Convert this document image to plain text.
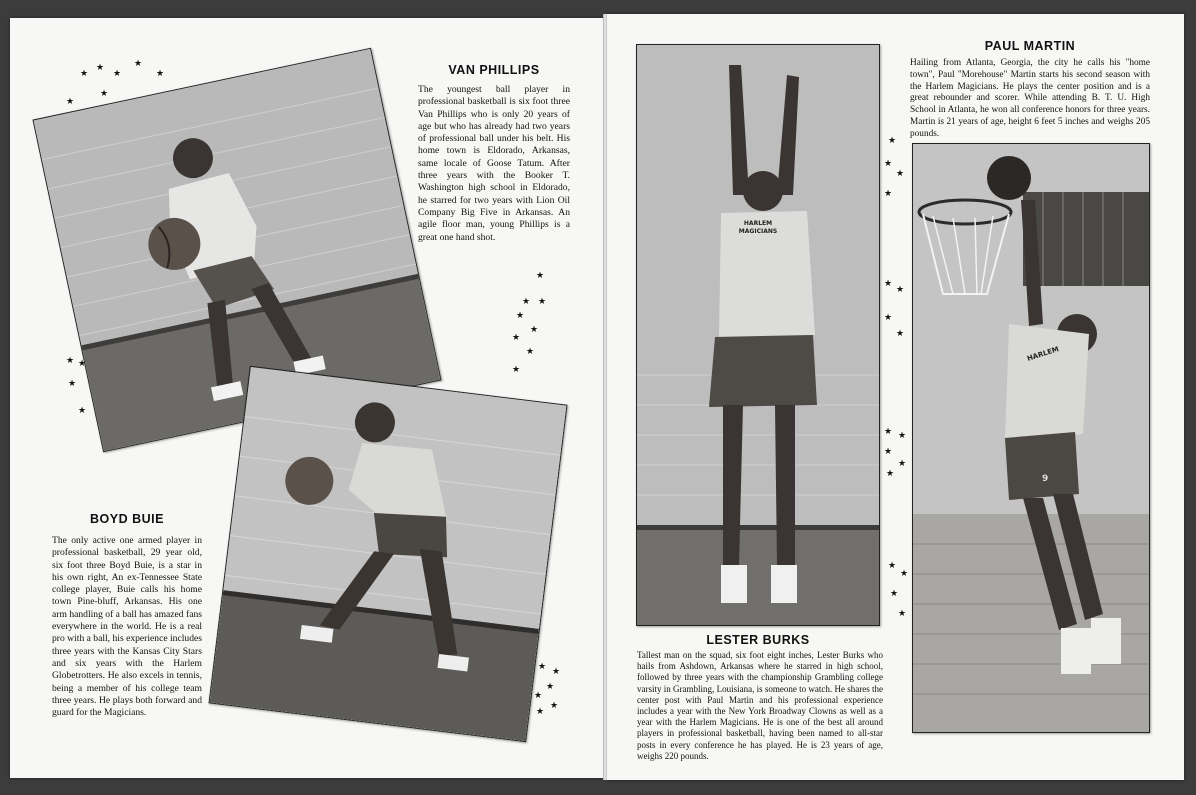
VAN PHILLIPS

The youngest ball player in professional basketball is six foot three Van Phillips who is only 20 years of age but who has already had two years of professional ball under his belt. His home town is Eldorado, Arkansas, same locale of Goose Tatum. After three years with the Booker T. Washington high school in Eldorado, he starred for two years with Lion Oil Company Big Five in Arkansas. An agile floor man, young Phillips is a great one hand shot.

BOYD BUIE

The only active one armed player in professional basketball, 29 year old, six foot three Boyd Buie, is a star in his own right, An ex-Tennessee State college player, Buie calls his home town Pine-bluff, Arkansas. His one arm handling of a ball has amazed fans everywhere in the world. He is a real pro with a ball, his experience includes three years with the Kansas City Stars and six years with the Harlem Globetrotters. He also excels in tennis, being a member of his college team three years. He plays both forward and guard for the Magicians.

HARLEM MAGICIANS
HARLEM
9
PAUL MARTIN

Hailing from Atlanta, Georgia, the city he calls his "home town", Paul "Morehouse" Martin starts his second season with the Harlem Magicians. He plays the center position and is a great rebounder and scorer. While attending B. T. U. High School in Atlanta, he won all conference honors for three years. Martin is 21 years of age, height 6 feet 5 inches and weighs 205 pounds.

LESTER BURKS

Tallest man on the squad, six foot eight inches, Lester Burks who hails from Ashdown, Arkansas where he starred in high school, followed by three years with the championship Grambling college varsity in Grambling, Louisiana, is someone to watch. He shares the center post with Paul Martin and his professional experience includes a year with the New York Broadway Clowns as well as a year with the Harlem Magicians. He is one of the best all around players in professional basketball, having been named to all-star posts in every conference he has played. He is 23 years of age, weighs 220 pounds.

★
★
★
★
★
★
★
★ ★
★
★
★
★ ★
★
★
★
★
★
★ ★
★
★
★
★
★
★
★
★
★
★
★
★
★ ★
★
★
★
★
★
★
★
